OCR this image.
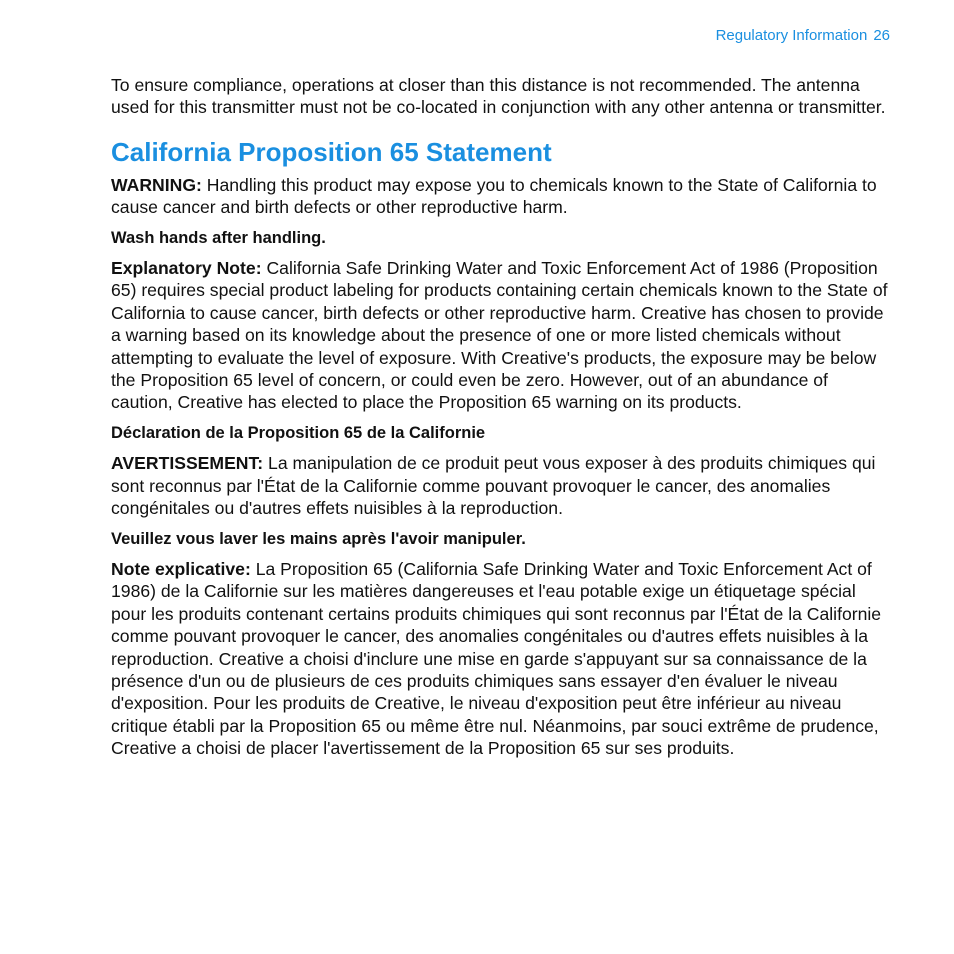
Regulatory Information 26

To ensure compliance, operations at closer than this distance is not recommended. The antenna used for this transmitter must not be co-located in conjunction with any other antenna or transmitter.

California Proposition 65 Statement

WARNING: Handling this product may expose you to chemicals known to the State of California to cause cancer and birth defects or other reproductive harm.

Wash hands after handling.

Explanatory Note: California Safe Drinking Water and Toxic Enforcement Act of 1986 (Proposition 65) requires special product labeling for products containing certain chemicals known to the State of California to cause cancer, birth defects or other reproductive harm. Creative has chosen to provide a warning based on its knowledge about the presence of one or more listed chemicals without attempting to evaluate the level of exposure. With Creative's products, the exposure may be below the Proposition 65 level of concern, or could even be zero. However, out of an abundance of caution, Creative has elected to place the Proposition 65 warning on its products.

Déclaration de la Proposition 65 de la Californie

AVERTISSEMENT: La manipulation de ce produit peut vous exposer à des produits chimiques qui sont reconnus par l'État de la Californie comme pouvant provoquer le cancer, des anomalies congénitales ou d'autres effets nuisibles à la reproduction.

Veuillez vous laver les mains après l'avoir manipuler.

Note explicative: La Proposition 65 (California Safe Drinking Water and Toxic Enforcement Act of 1986) de la Californie sur les matières dangereuses et l'eau potable exige un étiquetage spécial pour les produits contenant certains produits chimiques qui sont reconnus par l'État de la Californie comme pouvant provoquer le cancer, des anomalies congénitales ou d'autres effets nuisibles à la reproduction. Creative a choisi d'inclure une mise en garde s'appuyant sur sa connaissance de la présence d'un ou de plusieurs de ces produits chimiques sans essayer d'en évaluer le niveau d'exposition. Pour les produits de Creative, le niveau d'exposition peut être inférieur au niveau critique établi par la Proposition 65 ou même être nul. Néanmoins, par souci extrême de prudence, Creative a choisi de placer l'avertissement de la Proposition 65 sur ses produits.
